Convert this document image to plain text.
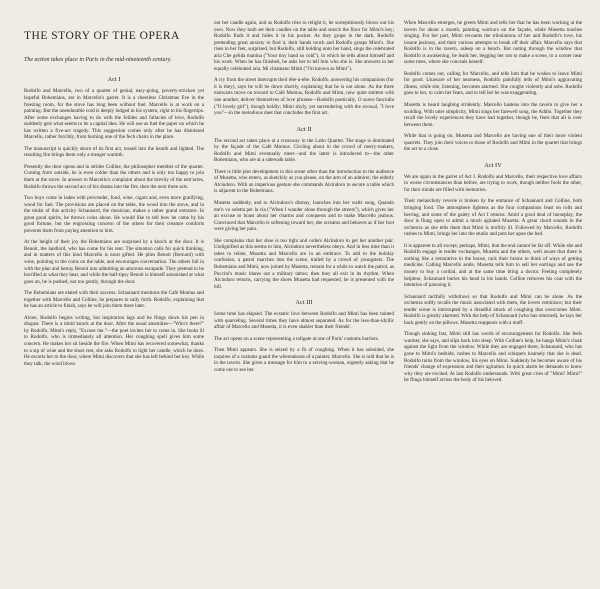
THE STORY OF THE OPERA
The action takes place in Paris in the mid-nineteenth century.
Act I

Rodolfo and Marcello, two of a quartet of genial, easy-going, poverty-stricken yet hopeful Bohemians, are in Marcello's garret. It is a cheerless Christmas Eve in the freezing room, for the stove has long been without fuel. Marcello is at work on a painting. But the unendurable cold is deeply lodged in his system, right to his fingertips. After some exchanges having to do with the foibles and fallacies of love, Rodolfo suddenly gets what seems to be a capital idea. He will use as fuel the paper on which he has written a five-act tragedy. This suggestion comes only after he has dismissed Marcello, rather forcibly, from burning one of the fech chairs in the place.

The manuscript is quickly shorn of its first act, tossed into the hearth and lighted. The resulting fire brings them only a meager warmth.

Presently the door opens and in strides Colline, the philosopher member of the quarter. Coming from outside, he is even colder than the others and is only too happy to join them at the stove. In answer to Marcello's complaint about the brevity of the entr'actes, Rodolfo throws the second act of his drama into the fire, then the next three acts.

Two boys come in laden with provender, food, wine, cigars and, even more gratifying, wood for fuel. The provisions are placed on the table, the wood into the stove, and in the midst of this activity Schaunard, the musician, makes a rather grand entrance. In great good spirits, he throws coins about. He would like to tell how he came by his good fortune, but the engrossing concern of the others for their creature comforts prevents them from paying attention to him.

At the height of their joy the Bohemians are surprised by a knock at the door. It is Benoit, the landlord, who has come for his rent. The situation calls for quick thinking, and in matters of this kind Marcello is most gifted. He plies Benoit (Bernard) with wine, pointing to the coins on the table, and encourages conversation. The others fall in with the plan and betray Benoit into admitting an amorous escapade. They pretend to be horrified at what they hear, and while the half-tipsy Benoit is himself astonished at what goes on, he is pushed, not too gently, through the door.

The Bohemians are elated with their success. Schaunard mentions the Café Momus and together with Marcello and Colline, he prepares to sally forth. Rodolfo, explaining that he has an article to finish, says he will join them there later.

Alone, Rodolfo begins writing, but inspiration lags and he flings down his pen in disgust. There is a timid knock at the door. After the usual amenities—"Who's there?" by Rodolfo, Mimi's reply, "Excuse me."—the poet invites her to come in. She looks ill to Rodolfo, who is immediately all attention. Her coughing spell gives him some concern. He makes her sit beside the fire. When Mimi has recovered somewhat, thanks to a sip of wine and the short rest, she asks Rodolfo to light her candle, which he does. He escorts her to the door, where Mimi discovers that she has left behind her key. While they talk, the wind blows

out her candle again, and as Rodolfo tries to relight it, he surreptitiously blows out his own. Now they both set their candles on the table and search the floor for Mimi's key; Rodolfo finds it and hides it in his pocket. As they grope in the dark, Rodolfo pretending great anxiety to find it, their hands touch and Rodolfo grasps Mimi's. She rises to her feet, surprised, but Rodolfo, still holding onto her hand, sings the celebrated aria Che gelida manina ("Your tiny hand so cold"), in which he tells about himself and his work. When he has finished, he asks her to tell him who she is. She answers in her equally celebrated aria, Mi chiamano Mimi ("I'm known as Mimi").

A cry from the street interrupts their tête-à-tête. Rodolfo, answering his companions (for it is they), says he will be down shortly, explaining that he is not alone. As the three malwarts move on toward to Café Momus, Rodolfo and Mimi, now quite smitten with one another, deliver themselves of love phrases—Rodolfo poetically, O soave fanciulla ("O lovely girl"), though boldly; Mimi shyly, yet surrendering with the avowal, "I love you"—in the melodious duet that concludes the first act.

Act II

The second act takes place at a crossway in the Latin Quarter. The stage is dominated by the façade of the Café Momus. Circling about in the crowd of merry-makers, Rodolfo and Mimi eventually meet—and the latter is introduced to—the other Bohemians, who are at a sidewalk table.

There is little plot development in this scene other than the introduction to the audience of Musetta, who enters, as sketchily as you please, on the arm of an admirer, the elderly Alcindoro. With an imperious gesture she commands Alcindoro to secure a table which is adjacent to the Bohemians.

Musetta suddenly, and to Alcindoro's dismay, launches into her waltz song, Quando me'n vo soletta per la via ("When I wander alone through the streets"), which gives her an excuse to boast about her charms and conquests and to make Marcello jealous. Convinced that Marcello is softening toward her, she screams and behaves as if her foot were giving her pain.

She complains that her shoe is too tight and orders Alcindoro to get her another pair. Undignified as this seems to him, Alcindoro nevertheless obeys. And in less time than it takes to relate, Musetta and Marcello are in an embrace. To add to the holiday confusion, a patrol marches into the scene, trailed by a crowd of youngsters. The Bohemians and Mimi, now joined by Musetta, remain for a while to watch the patrol, as Puccini's music blares out a military tattoo; then they all exit in its rhythm. When Alcindoro returns, carrying the shoes Musetta had requested, he is presented with the bill.

Act III

Some time has elapsed. The ecstatic love between Rodolfo and Mimi has been tainted with quarreling. Several times they have almost separated. As for the less-than-idyllic affair of Marcello and Musetta, it is even shakier than their friends'.

The act opens on a scene representing a tollgate at one of Paris' customs barriers.

Then Mimi appears. She is seized by a fit of coughing. When it has subsided, she inquires of a customs guard the whereabouts of a painter, Marcello. She is told that he is in the tavern. She gives a message for him to a serving-woman, urgently asking that he come out to see her.

When Marcello emerges, he greets Mimi and tells her that he has been working at the tavern for about a month, painting warriors on the façade, while Musetta teaches singing. For her part, Mimi recounts the tribulations of her and Rodolfo's love, his insane jealousy, and their various attempts to break off their affair. Marcello says that Rodolfo is in the tavern, asleep on a bench. But noting through the window that Rodolfo is awakening, he leads her, begging her not to make a scene, to a corner near some trees, where she conceals herself.

Rodolfo comes out, calling for Marcello, and tells him that he wishes to leave Mimi for good. Unaware of her nearness, Rodolfo painfully tells of Mimi's aggravating illness, while she, listening, becomes alarmed. She coughs violently and sobs. Rodolfo goes to her, to calm her fears, and to tell her he was exaggerating.

Musetta is heard laughing stridently. Marcello hastens into the tavern to give her a scolding. With utter simplicity, Mimi sings her farewell song, the Addio. Together they recall the lovely experiences they have had together, though he, feels that all is over between them.

While that is going on, Musetta and Marcello are having one of their more violent quarrels. They join their voices to those of Rodolfo and Mimi in the quartet that brings the act to a close.

Act IV

We are again in the garret of Act I. Rodolfo and Marcello, their respective love affairs in worse circumstances than before, are trying to work, though neither fools the other, for their minds are filled with memories.

Their melancholy reverie is broken by the entrance of Schaunard and Colline, both bringing food. The atmosphere lightens as the four companions feast on rolls and herring, and some of the gaiety of Act I returns. Amid a good deal of horseplay, the door is flung open to admit a much agitated Musetta. A great chord sounds in the orchestra as she tells them that Mimi is terribly ill. Followed by Marcello, Rodolfo rushes to Mimi, brings her into the studio and puts her upon the bed.

It is apparent to all except, perhaps, Mimi, that the end cannot be far off. While she and Rodolfo engage in tender exchanges, Musetta and the others, well aware that there is nothing like a restorative in the house, rack their brains to think of ways of getting medicine. Calling Marcello aside, Musetta tells him to sell her earrings and use the money to buy a cordial, and at the same time bring a doctor. Feeling completely helpless, Schaunard buries his head in his hands. Colline removes his coat with the intention of pawning it.

Schaunard tactfully withdraws so that Rodolfo and Mimi can be alone. As the orchestra softly recalls the music associated with them, the lovers reminisce; but their tender scene is interrupted by a dreadful attack of coughing that overcomes Mimi. Rodolfo is greatly alarmed. With the help of Schaunard (who has returned), he lays her back gently on the pillows. Musetta reappears with a muff.

Though sinking fast, Mimi still has words of encouragement for Rodolfo. She feels warmer, she says, and slips back into sleep. With Colline's help, he hangs Mimi's cloak against the light from the window. While they are engaged there, Schaunard, who has gone to Mimi's bedside, rushes to Marcello and whispers hoarsely that she is dead. Rodolfo turns from the window, his eyes on Mimi. Suddenly he becomes aware of his friends' change of expression and their agitation. In quick alarm he demands to know why they are excited. At last Rodolfo understands. With great cries of "Mimi! Mimi!" he flings himself across the body of his beloved.
